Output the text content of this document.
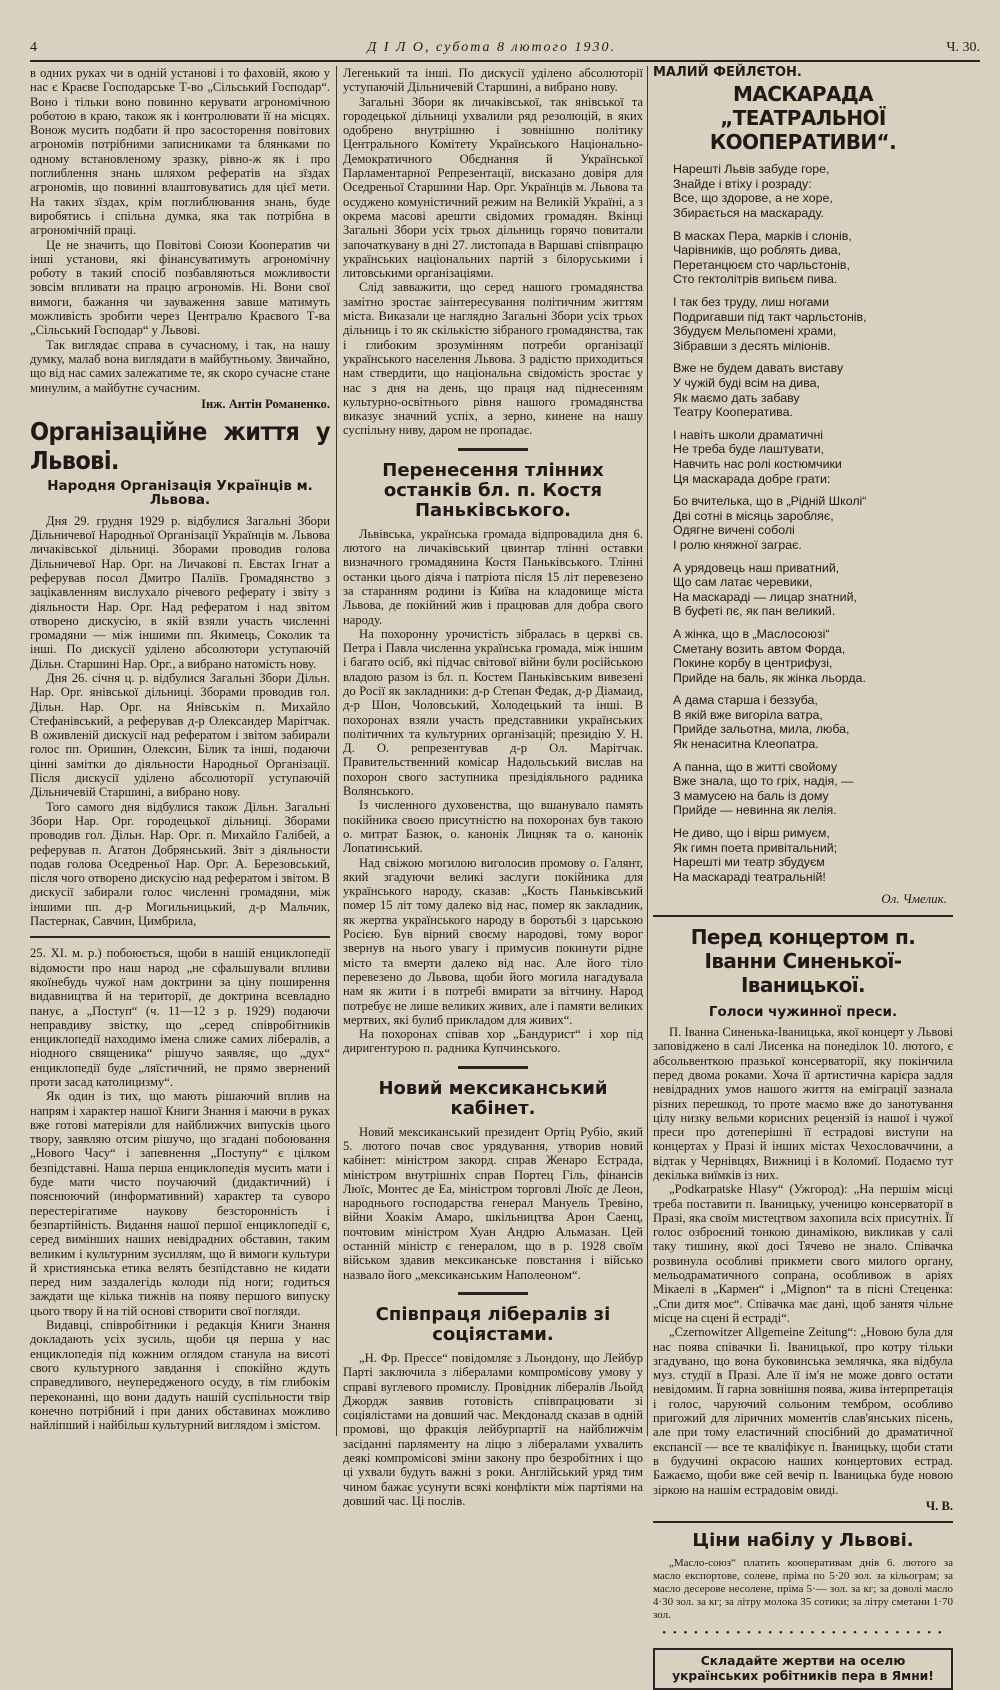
4	Д І Л О, субота 8 лютого 1930.	Ч. 30.

в одних руках чи в одній установі і то фаховій, якою у нас є Краєве Господарське Т-во „Сільський Господар“. Воно і тільки воно повинно керувати агрономічною роботою в краю, також як і контролювати її на місцях. Вонож мусить подбати й про засосторення повітових агрономів потрібними записниками та блянками по одному встановленому зразку, рівно-ж як і про поглиблення знань шляхом рефератів на зїздах агрономів, що повинні влаштовуватись для цієї мети. На таких зїздах, крім поглиблювання знань, буде виробятись і спільна думка, яка так потрібна в агрономічній праці.

Це не значить, що Повітові Союзи Кооператив чи інші установи, які фінансуватимуть агрономічну роботу в такий спосіб позбавляються можливости зовсім впливати на працю агрономів. Ні. Вони свої вимоги, бажання чи зауваження завше матимуть можливість зробити через Централю Краєвого Т-ва „Сільський Господар“ у Львові.

Так виглядає справа в сучасному, і так, на нашу думку, малаб вона виглядати в майбутньому. Звичайно, що від нас самих залежатиме те, як скоро сучасне стане минулим, а майбутнє сучасним.

Інж. Антін Романенко.
Організаційне життя у Львові.
Народня Організація Українців м. Львова.

Дня 29. грудня 1929 р. відбулися Загальні Збори Дільничевої Народньої Організації Українців м. Львова личаківської дільниці. Зборами проводив голова Дільничевої Нар. Орг. на Личакові п. Евстах Ігнат а реферував посол Дмитро Паліїв. Громадянство з зацікавленням вислухало річевого реферату і звіту з діяльности Нар. Орг. Над рефератом і над звітом отворено дискусію, в якій взяли участь численні громадяни — між іншими пп. Якимець, Соколик та інші. По дискусії уділено абсолютори уступаючій Дільн. Старшині Нар. Орг., а вибрано натомість нову.

Дня 26. січня ц. р. відбулися Загальні Збори Дільн. Нар. Орг. янівської дільниці. Зборами проводив гол. Дільн. Нар. Орг. на Янівськім п. Михайло Стефанівський, а реферував д-р Олександер Марітчак. В оживленій дискусії над рефератом і звітом забирали голос пп. Оришин, Олексин, Білик та інші, подаючи цінні замітки до діяльности Народньої Організації. Після дискусії уділено абсолюторії уступаючій Дільничевій Старшині, а вибрано нову.

Того самого дня відбулися також Дільн. Загальні Збори Нар. Орг. городецької дільниці. Зборами проводив гол. Дільн. Нар. Орг. п. Михайло Галібей, а реферував п. Агатон Добрянський. Звіт з діяльности подав голова Оседреньої Нар. Орг. А. Березовський, після чого отворено дискусію над рефератом і звітом. В дискусії забирали голос численні громадяни, між іншими пп. д-р Могильницький, д-р Мальчик, Пастернак, Савчин, Цимбрила,

25. XI. м. р.) побоюється, щоби в нашій енциклопедії відомости про наш народ „не сфальшували впливи якоїнебудь чужої нам доктрини за ціну поширення видавництва й на території, де доктрина всевладно панує, а „Поступ“ (ч. 11—12 з р. 1929) подаючи неправдиву звістку, що „серед співробітників енциклопедії находимо імена слиже самих лібералів, а ніодного священика“ рішучо заявляє, що „дух“ енциклопедії буде „ляїстичний, не прямо звернений проти засад католицизму“.

Як один із тих, що мають рішаючий вплив на напрям і характер нашої Книги Знання і маючи в руках вже готові матеріяли для найближчих випусків цього твору, заявляю отсим рішучо, що згадані побоювання „Нового Часу“ і запевнення „Поступу“ є цілком безпідставні. Наша перша енциклопедія мусить мати і буде мати чисто поучаючий (дидактичний) і пояснюючий (информативний) характер та суворо перестерігатиме наукову безсторонність і безпартійність. Видання нашої першої енциклопедії є, серед вимінших наших невідрадних обставин, таким великим і культурним зусиллям, що й вимоги культури й християнська етика велять безпідставно не кидати перед ним заздалегідь колоди під ноги; годиться заждати ще кілька тижнів на появу першого випуску цього твору й на тій основі створити свої погляди.

Видавці, співробітники і редакція Книги Знання докладають усіх зусиль, щоби ця перша у нас енциклопедія під кожним оглядом станула на висоті свого культурного завдання і спокійно ждуть справедливого, неупередженого осуду, в тім глибокім переконанні, що вони дадуть нашій суспільности твір конечно потрібний і при даних обставинах можливо найліпший і найбільш культурний виглядом і змістом.

Легенький та інші. По дискусії уділено абсолюторії уступаючій Дільничевій Старшині, а вибрано нову.

Загальні Збори як личаківської, так янівської та городецької дільниці ухвалили ряд резолюцій, в яких одобрено внутрішню і зовнішню політику Центрального Комітету Українського Національно-Демократичного Обєднання й Української Парламентарної Репрезентації, висказано довіря для Оседреньої Старшини Нар. Орг. Українців м. Львова та осуджено комуністичний режим на Великій Україні, а з окрема масові арешти свідомих громадян. Вкінці Загальні Збори усіх трьох дільниць горячо повитали започаткувану в дні 27. листопада в Варшаві співпрацю українських національних партій з білоруськими і литовськими організаціями.

Слід завважити, що серед нашого громадянства замітно зростає заінтересування політичним життям міста. Виказали це наглядно Загальні Збори усіх трьох дільниць і то як скількістю зібраного громадянства, так і глибоким зрозумінням потреби організації українського населення Львова. З радістю приходиться нам ствердити, що національна свідомість зростає у нас з дня на день, що праця над піднесенням культурно-освітнього рівня нашого громадянства виказує значний успіх, а зерно, кинене на нашу суспільну ниву, даром не пропадає.

Перенесення тлінних останків бл. п. Костя Паньківського.

Львівська, українська громада відпровадила дня 6. лютого на личаківський цвинтар тлінні оставки визначного громадянина Костя Паньківського. Тлінні останки цього діяча і патріота після 15 літ перевезено за старанням родини із Київа на кладовище міста Львова, де покійний жив і працював для добра свого народу.

На похоронну урочистість зібралась в церкві св. Петра і Павла численна українська громада, між іншим і багато осіб, які підчас світової війни були російською владою разом із бл. п. Костем Паньківським вивезені до Росії як закладники: д-р Степан Федак, д-р Діамаид, д-р Шон, Чоловський, Холодецький та інші. В похоронах взяли участь представники українських політичних та культурних організацій; президію У. Н. Д. О. репрезентував д-р Ол. Марітчак. Правительственний комісар Надольський вислав на похорон свого заступника презідіяльного радника Волянського.

Із численного духовенства, що вшанувало память покійника своєю присутністю на похоронах був такою о. митрат Базюк, о. канонік Лицняк та о. канонік Лопатинський.

Над свіжою могилою виголосив промову о. Галянт, який згадуючи великі заслуги покійника для українського народу, сказав: „Кость Паньківський помер 15 літ тому далеко від нас, помер як закладник, як жертва українського народу в боротьбі з царською Росією. Був вірний своєму народові, тому ворог звернув на нього увагу і примусив покинути рідне місто та вмерти далеко від нас. Але його тіло перевезено до Львова, щоби його могила нагадувала нам як жити і в потребі вмирати за вітчину. Народ потребує не лише великих живих, але і памяти великих мертвих, які булиб прикладом для живих“.

На похоронах співав хор „Бандурист“ і хор під диригентурою п. радника Купчинського.

Новий мексиканський кабінет.

Новий мексиканський президент Ортіц Рубіо, який 5. лютого почав своє урядування, утворив новий кабінет: міністром закорд. справ Женаро Естрада, міністром внутрішніх справ Портец Гіль, фінансів Люїс, Монтес де Еа, міністром торговлі Люїс де Леон, народнього господарства генерал Мануель Тревіно, війни Хоакім Амаро, шкільництва Арон Саенц, почтовим міністром Хуан Андрю Альмазан. Цей останній міністр є генералом, що в р. 1928 своїм військом здавив мексиканське повстання і військо назвало його „мексиканським Наполеоном“.

Співпраця лібералів зі соціястами.

„Н. Фр. Прессе“ повідомляє з Льондону, що Лейбур Парті заключила з лібералами компромісову умову у справі вуглевого промислу. Провідник лібералів Льойд Джордж заявив готовість співпрацювати зі соціялістами на довший час. Мекдоналд сказав в одній промові, що фракція лейбурпартії на найближчім засіданні парляменту на ліцю з лібералами ухвалить деякі компромісові зміни закону про безробітних і що ці ухвали будуть важні з роки. Англійський уряд тим чином бажає усунути всякі конфлікти між партіями на довший час. Ці послів.

МАЛИЙ ФЕЙЛЄТОН.
МАСКАРАДА „ТЕАТРАЛЬНОЇ КООПЕРАТИВИ“.
Нарешті Львів забуде горе,
Знайде і втіху і розраду:
Все, що здорове, а не хоре,
Збирається на маскараду.
В масках Пера, марків і слонів,
Чарівників, що роблять дива,
Перетанцюєм сто чарльстонів,
Сто гектолітрів випьєм пива.
І так без труду, лиш ногами
Подригавши під такт чарльстонів,
Збудуєм Мельпомені храми,
Зібравши з десять міліонів.
Вже не будем давать виставу
У чужій буді всім на дива,
Як маємо дать забаву
Театру Кооператива.
І навіть школи драматичні
Не треба буде лаштувати,
Навчить нас ролі костюмчики
Ця маскарада добре грати:
Бо вчителька, що в „Рідній Школі“
Дві сотні в місяць заробляє,
Одягне вичені соболі
І ролю княжної заграє.
А урядовець наш приватний,
Що сам латає черевики,
На маскараді — лицар знатний,
В буфеті пє, як пан великий.
А жінка, що в „Маслосоюзі“
Сметану возить автом Форда,
Покине корбу в центрифузі,
Прийде на баль, як жінка льорда.
А дама старша і беззуба,
В якій вже вигоріла ватра,
Прийде зальотна, мила, люба,
Як ненаситна Клеопатра.
А панна, що в житті свойому
Вже знала, що то гріх, надія, —
З мамусею на баль із дому
Прийде — невинна як лелія.
Не диво, що і вірш римуєм,
Як гимн поета привітальний;
Нарешті ми театр збудуєм
На маскараді театральній!
Ол. Чмелик.
Перед концертом п. Іванни Синенької-Іваницької.
Голоси чужинної преси.

П. Іванна Синенька-Іваницька, якої концерт у Львові заповіджено в салі Лисенка на понеділок 10. лютого, є абсольвенткою празької консерваторії, яку покінчила перед двома роками. Хоча її артистична карієра задля невідрадних умов нашого життя на еміграції зазнала різних перешкод, то проте маємо вже до занотування цілу низку вельми корисних рецензій із нашої і чужої преси про дотеперішні її естрадові виступи на концертах у Празі й інших містах Чехословаччини, а відтак у Чернівцях, Вижниці і в Коломиї. Подаємо тут декілька виїмків із них.

„Podkarpatske Hlasy“ (Ужгород): „На першім місці треба поставити п. Іваницьку, ученицю консерваторії в Празі, яка своїм мистецтвом захопила всіх присутніх. Її голос озброєний тонкою динамікою, викликав у салі таку тишину, якої досі Тячево не знало. Співачка розвинула особливі прикмети свого милого органу, мельодраматичного сопрана, особливож в аріях Мікаелі в „Кармен“ і „Mignon“ та в пісні Стеценка: „Спи дитя моє“. Співачка має дані, щоб занятя чільне місце на сцені й естраді“.

„Czernowitzer Allgemeine Zeitung“: „Новою була для нас поява співачки Іі. Іваницької, про котру тільки згадувано, що вона буковинська землячка, яка відбула муз. студії в Празі. Але її ім'я не може довго остати невідомим. Її гарна зовнішня поява, жива інтерпретація і голос, чаруючий сольоним тембром, особливо пригожий для ліричних моментів слав'янських пісень, але при тому еластичний спосібний до драматичної експансії — все те кваліфікує п. Іваницьку, щоби стати в будучині окрасою наших концертових естрад. Бажаємо, щоби вже сей вечір п. Іваницька буде новою зіркою на нашім естрадовім овиді.

Ч. В.
Ціни набілу у Львові.

„Масло-союз“ платить кооперативам днів 6. лютого за масло експортове, солене, пріма по 5·20 зол. за кільограм; за масло десерове несолене, пріма 5·— зол. за кг; за доволі масло 4·30 зол. за кг; за літру молока 35 сотики; за літру сметани 1·70 зол.

• • • • • • • • • • • • • • • • • • • • • • • • • • •
Складайте жертви на оселю українських робітників пера в Ямни!
